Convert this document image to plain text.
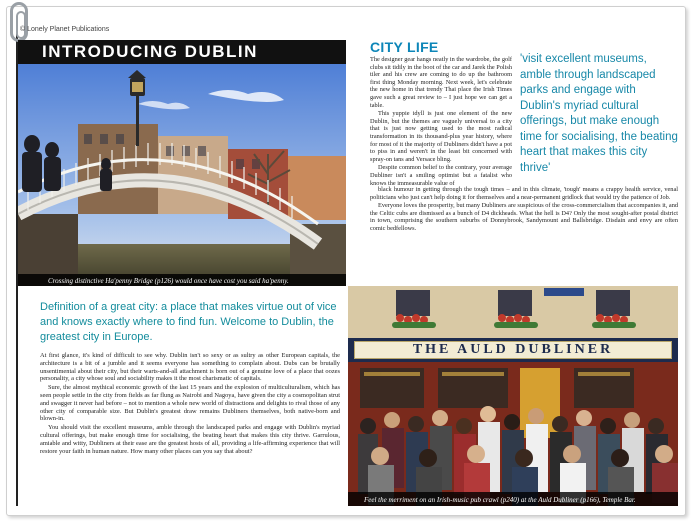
© Lonely Planet Publications
INTRODUCING DUBLIN
Crossing distinctive Ha'penny Bridge (p126) would once have cost you said ha'penny.
CITY LIFE

The designer gear hangs neatly in the wardrobe, the golf clubs sit tidily in the boot of the car and Jarek the Polish tiler and his crew are coming to do up the bathroom first thing Monday morning. Next week, let's celebrate the new home in that trendy Thai place the Irish Times gave such a great review to – I just hope we can get a table.

This yuppie idyll is just one element of the new Dublin, but the themes are vaguely universal to a city that is just now getting used to the most radical transformation in its thousand-plus year history, where for most of it the majority of Dubliners didn't have a pot to piss in and weren't in the least bit concerned with spray-on tans and Versace bling.

Despite common belief to the contrary, your average Dubliner isn't a smiling optimist but a fatalist who knows the immeasurable value of

black humour in getting through the tough times – and in this climate, 'tough' means a crappy health service, venal politicians who just can't help doing it for themselves and a near-permanent gridlock that would try the patience of Job.

Everyone loves the prosperity, but many Dubliners are suspicious of the cross-commercialism that accompanies it, and the Celtic cubs are dismissed as a bunch of D4 dickheads. What the hell is D4? Only the most sought-after postal district in town, comprising the southern suburbs of Donnybrook, Sandymount and Ballsbridge. Disdain and envy are often comic bedfellows.

'visit excellent museums, amble through landscaped parks and engage with Dublin's myriad cultural offerings, but make enough time for socialising, the beating heart that makes this city thrive'
Definition of a great city: a place that makes virtue out of vice and knows exactly where to find fun. Welcome to Dublin, the greatest city in Europe.

At first glance, it's kind of difficult to see why. Dublin isn't so sexy or as sultry as other European capitals, the architecture is a bit of a jumble and it seems everyone has something to complain about. Dubs can be brutally unsentimental about their city, but their warts-and-all attachment is born out of a genuine love of a place that oozes personality, a city whose soul and sociability makes it the most charismatic of capitals.

Sure, the almost mythical economic growth of the last 15 years and the explosion of multiculturalism, which has seen people settle in the city from fields as far flung as Nairobi and Nagoya, have given the city a cosmopolitan strut and swagger it never had before – not to mention a whole new world of distractions and delights to rival those of any other city of comparable size. But Dublin's greatest draw remains Dubliners themselves, both native-born and blown-in.

You should visit the excellent museums, amble through the landscaped parks and engage with Dublin's myriad cultural offerings, but make enough time for socialising, the beating heart that makes this city thrive. Garrulous, amiable and witty, Dubliners at their ease are the greatest hosts of all, providing a life-affirming experience that will restore your faith in human nature. How many other places can you say that about?

THE AULD DUBLINER
Feel the merriment on an Irish-music pub crawl (p240) at the Auld Dubliner (p166), Temple Bar.
